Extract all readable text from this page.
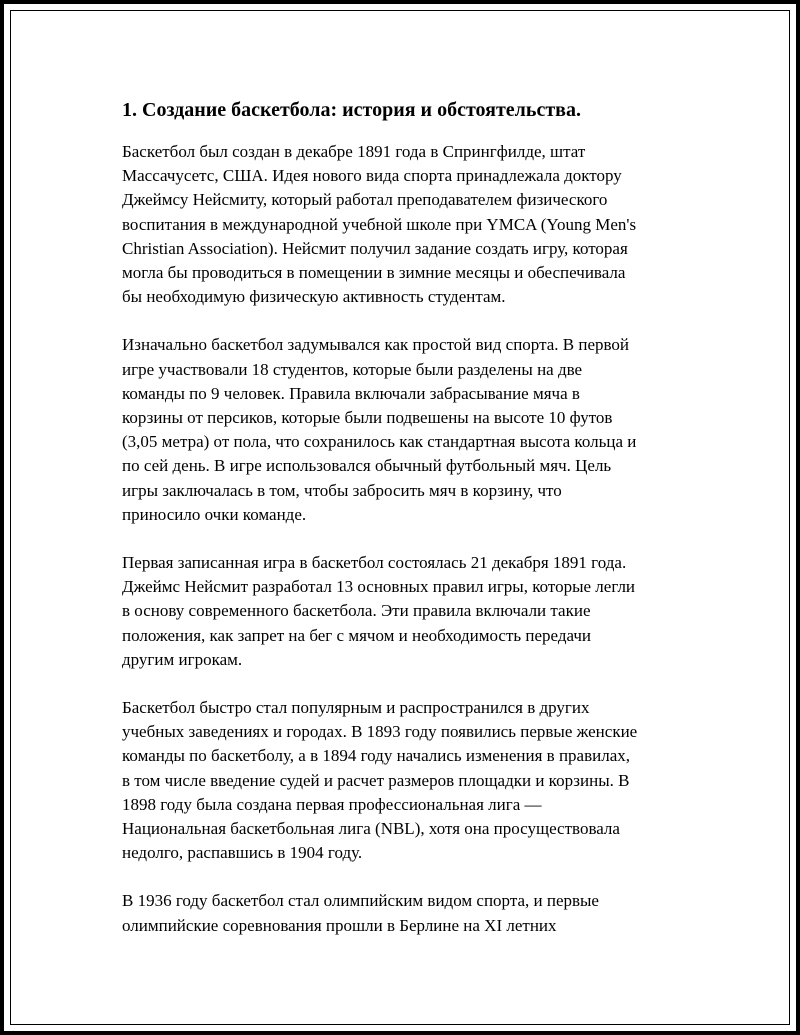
1. Создание баскетбола: история и обстоятельства.
Баскетбол был создан в декабре 1891 года в Спрингфилде, штат
Массачусетс, США. Идея нового вида спорта принадлежала доктору
Джеймсу Нейсмиту, который работал преподавателем физического
воспитания в международной учебной школе при YMCA (Young Men's
Christian Association). Нейсмит получил задание создать игру, которая
могла бы проводиться в помещении в зимние месяцы и обеспечивала
бы необходимую физическую активность студентам.
Изначально баскетбол задумывался как простой вид спорта. В первой
игре участвовали 18 студентов, которые были разделены на две
команды по 9 человек. Правила включали забрасывание мяча в
корзины от персиков, которые были подвешены на высоте 10 футов
(3,05 метра) от пола, что сохранилось как стандартная высота кольца и
по сей день. В игре использовался обычный футбольный мяч. Цель
игры заключалась в том, чтобы забросить мяч в корзину, что
приносило очки команде.
Первая записанная игра в баскетбол состоялась 21 декабря 1891 года.
Джеймс Нейсмит разработал 13 основных правил игры, которые легли
в основу современного баскетбола. Эти правила включали такие
положения, как запрет на бег с мячом и необходимость передачи
другим игрокам.
Баскетбол быстро стал популярным и распространился в других
учебных заведениях и городах. В 1893 году появились первые женские
команды по баскетболу, а в 1894 году начались изменения в правилах,
в том числе введение судей и расчет размеров площадки и корзины. В
1898 году была создана первая профессиональная лига —
Национальная баскетбольная лига (NBL), хотя она просуществовала
недолго, распавшись в 1904 году.
В 1936 году баскетбол стал олимпийским видом спорта, и первые
олимпийские соревнования прошли в Берлине на XI летних
